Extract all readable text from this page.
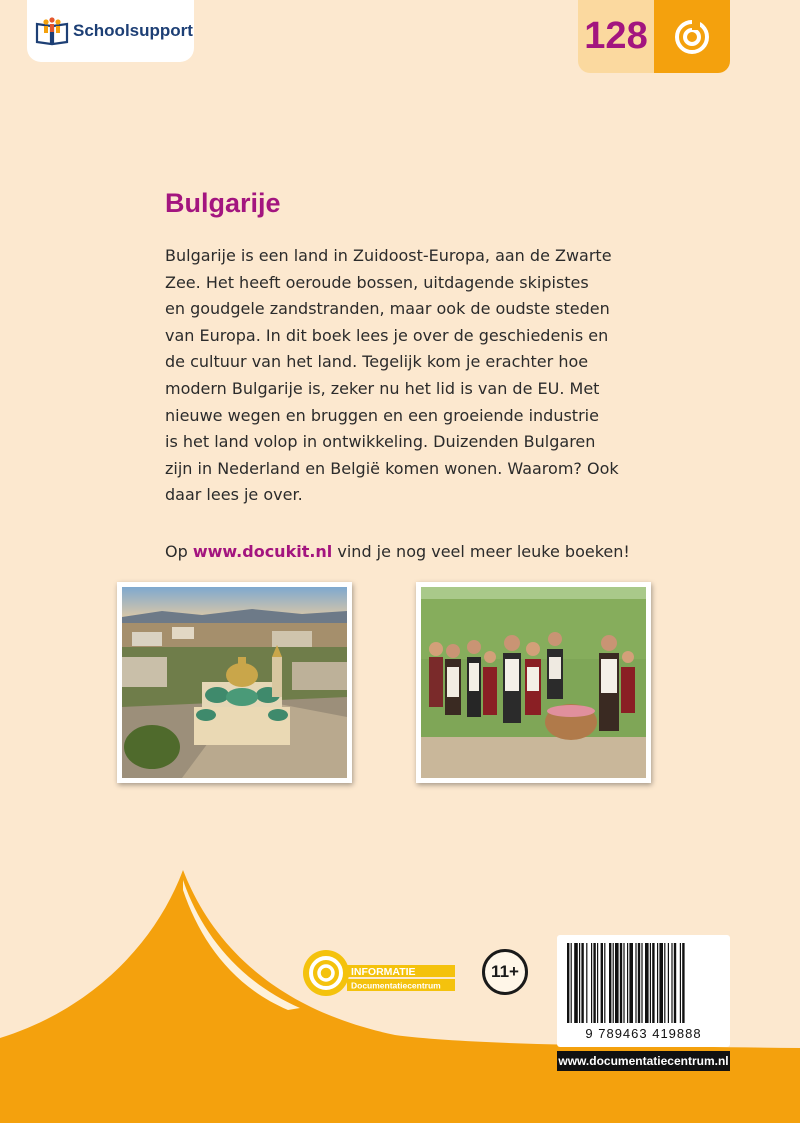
Schoolsupport	128
Bulgarije
Bulgarije is een land in Zuidoost-Europa, aan de Zwarte
Zee. Het heeft oeroude bossen, uitdagende skipistes
en goudgele zandstranden, maar ook de oudste steden
van Europa. In dit boek lees je over de geschiedenis en
de cultuur van het land. Tegelijk kom je erachter hoe
modern Bulgarije is, zeker nu het lid is van de EU. Met
nieuwe wegen en bruggen en een groeiende industrie
is het land volop in ontwikkeling. Duizenden Bulgaren
zijn in Nederland en België komen wonen. Waarom? Ook
daar lees je over.
Op www.docukit.nl vind je nog veel meer leuke boeken!
INFORMATIE
Documentatiecentrum
11+
9 789463 419888
www.documentatiecentrum.nl
